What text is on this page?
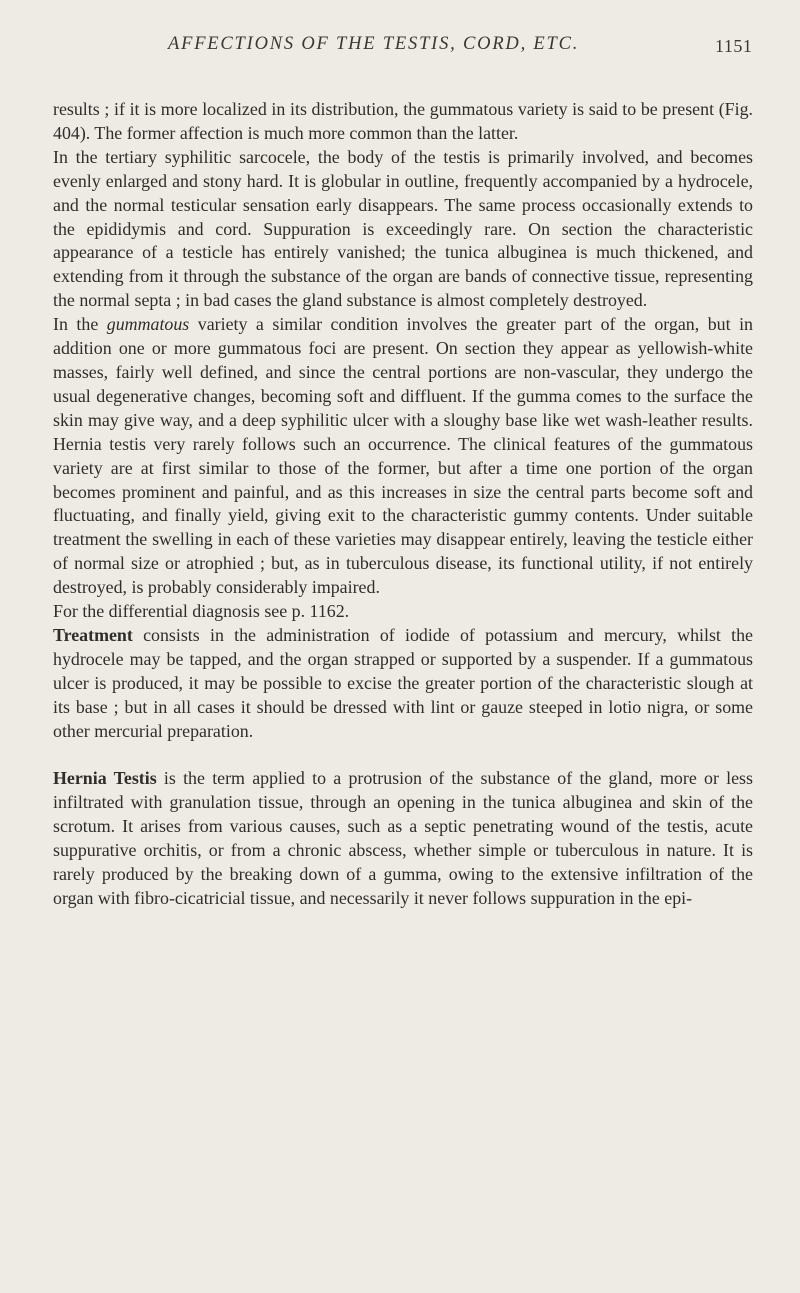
AFFECTIONS OF THE TESTIS, CORD, ETC.	1151

results ; if it is more localized in its distribution, the gummatous variety is said to be present (Fig. 404). The former affection is much more common than the latter.

In the tertiary syphilitic sarcocele, the body of the testis is primarily involved, and becomes evenly enlarged and stony hard. It is globular in outline, frequently accompanied by a hydrocele, and the normal testicular sensation early disappears. The same process occasionally extends to the epididymis and cord. Suppuration is exceedingly rare. On section the characteristic appearance of a testicle has entirely vanished; the tunica albuginea is much thickened, and extending from it through the substance of the organ are bands of connective tissue, representing the normal septa ; in bad cases the gland substance is almost completely destroyed.

In the gummatous variety a similar condition involves the greater part of the organ, but in addition one or more gummatous foci are present. On section they appear as yellowish-white masses, fairly well defined, and since the central portions are non-vascular, they undergo the usual degenerative changes, becoming soft and diffluent. If the gumma comes to the surface the skin may give way, and a deep syphilitic ulcer with a sloughy base like wet wash-leather results. Hernia testis very rarely follows such an occurrence. The clinical features of the gummatous variety are at first similar to those of the former, but after a time one portion of the organ becomes prominent and painful, and as this increases in size the central parts become soft and fluctuating, and finally yield, giving exit to the characteristic gummy contents. Under suitable treatment the swelling in each of these varieties may disappear entirely, leaving the testicle either of normal size or atrophied ; but, as in tuberculous disease, its functional utility, if not entirely destroyed, is probably considerably impaired.

For the differential diagnosis see p. 1162.

Treatment consists in the administration of iodide of potassium and mercury, whilst the hydrocele may be tapped, and the organ strapped or supported by a suspender. If a gummatous ulcer is produced, it may be possible to excise the greater portion of the characteristic slough at its base ; but in all cases it should be dressed with lint or gauze steeped in lotio nigra, or some other mercurial preparation.

Hernia Testis is the term applied to a protrusion of the substance of the gland, more or less infiltrated with granulation tissue, through an opening in the tunica albuginea and skin of the scrotum. It arises from various causes, such as a septic penetrating wound of the testis, acute suppurative orchitis, or from a chronic abscess, whether simple or tuberculous in nature. It is rarely produced by the breaking down of a gumma, owing to the extensive infiltration of the organ with fibro-cicatricial tissue, and necessarily it never follows suppuration in the epi-
